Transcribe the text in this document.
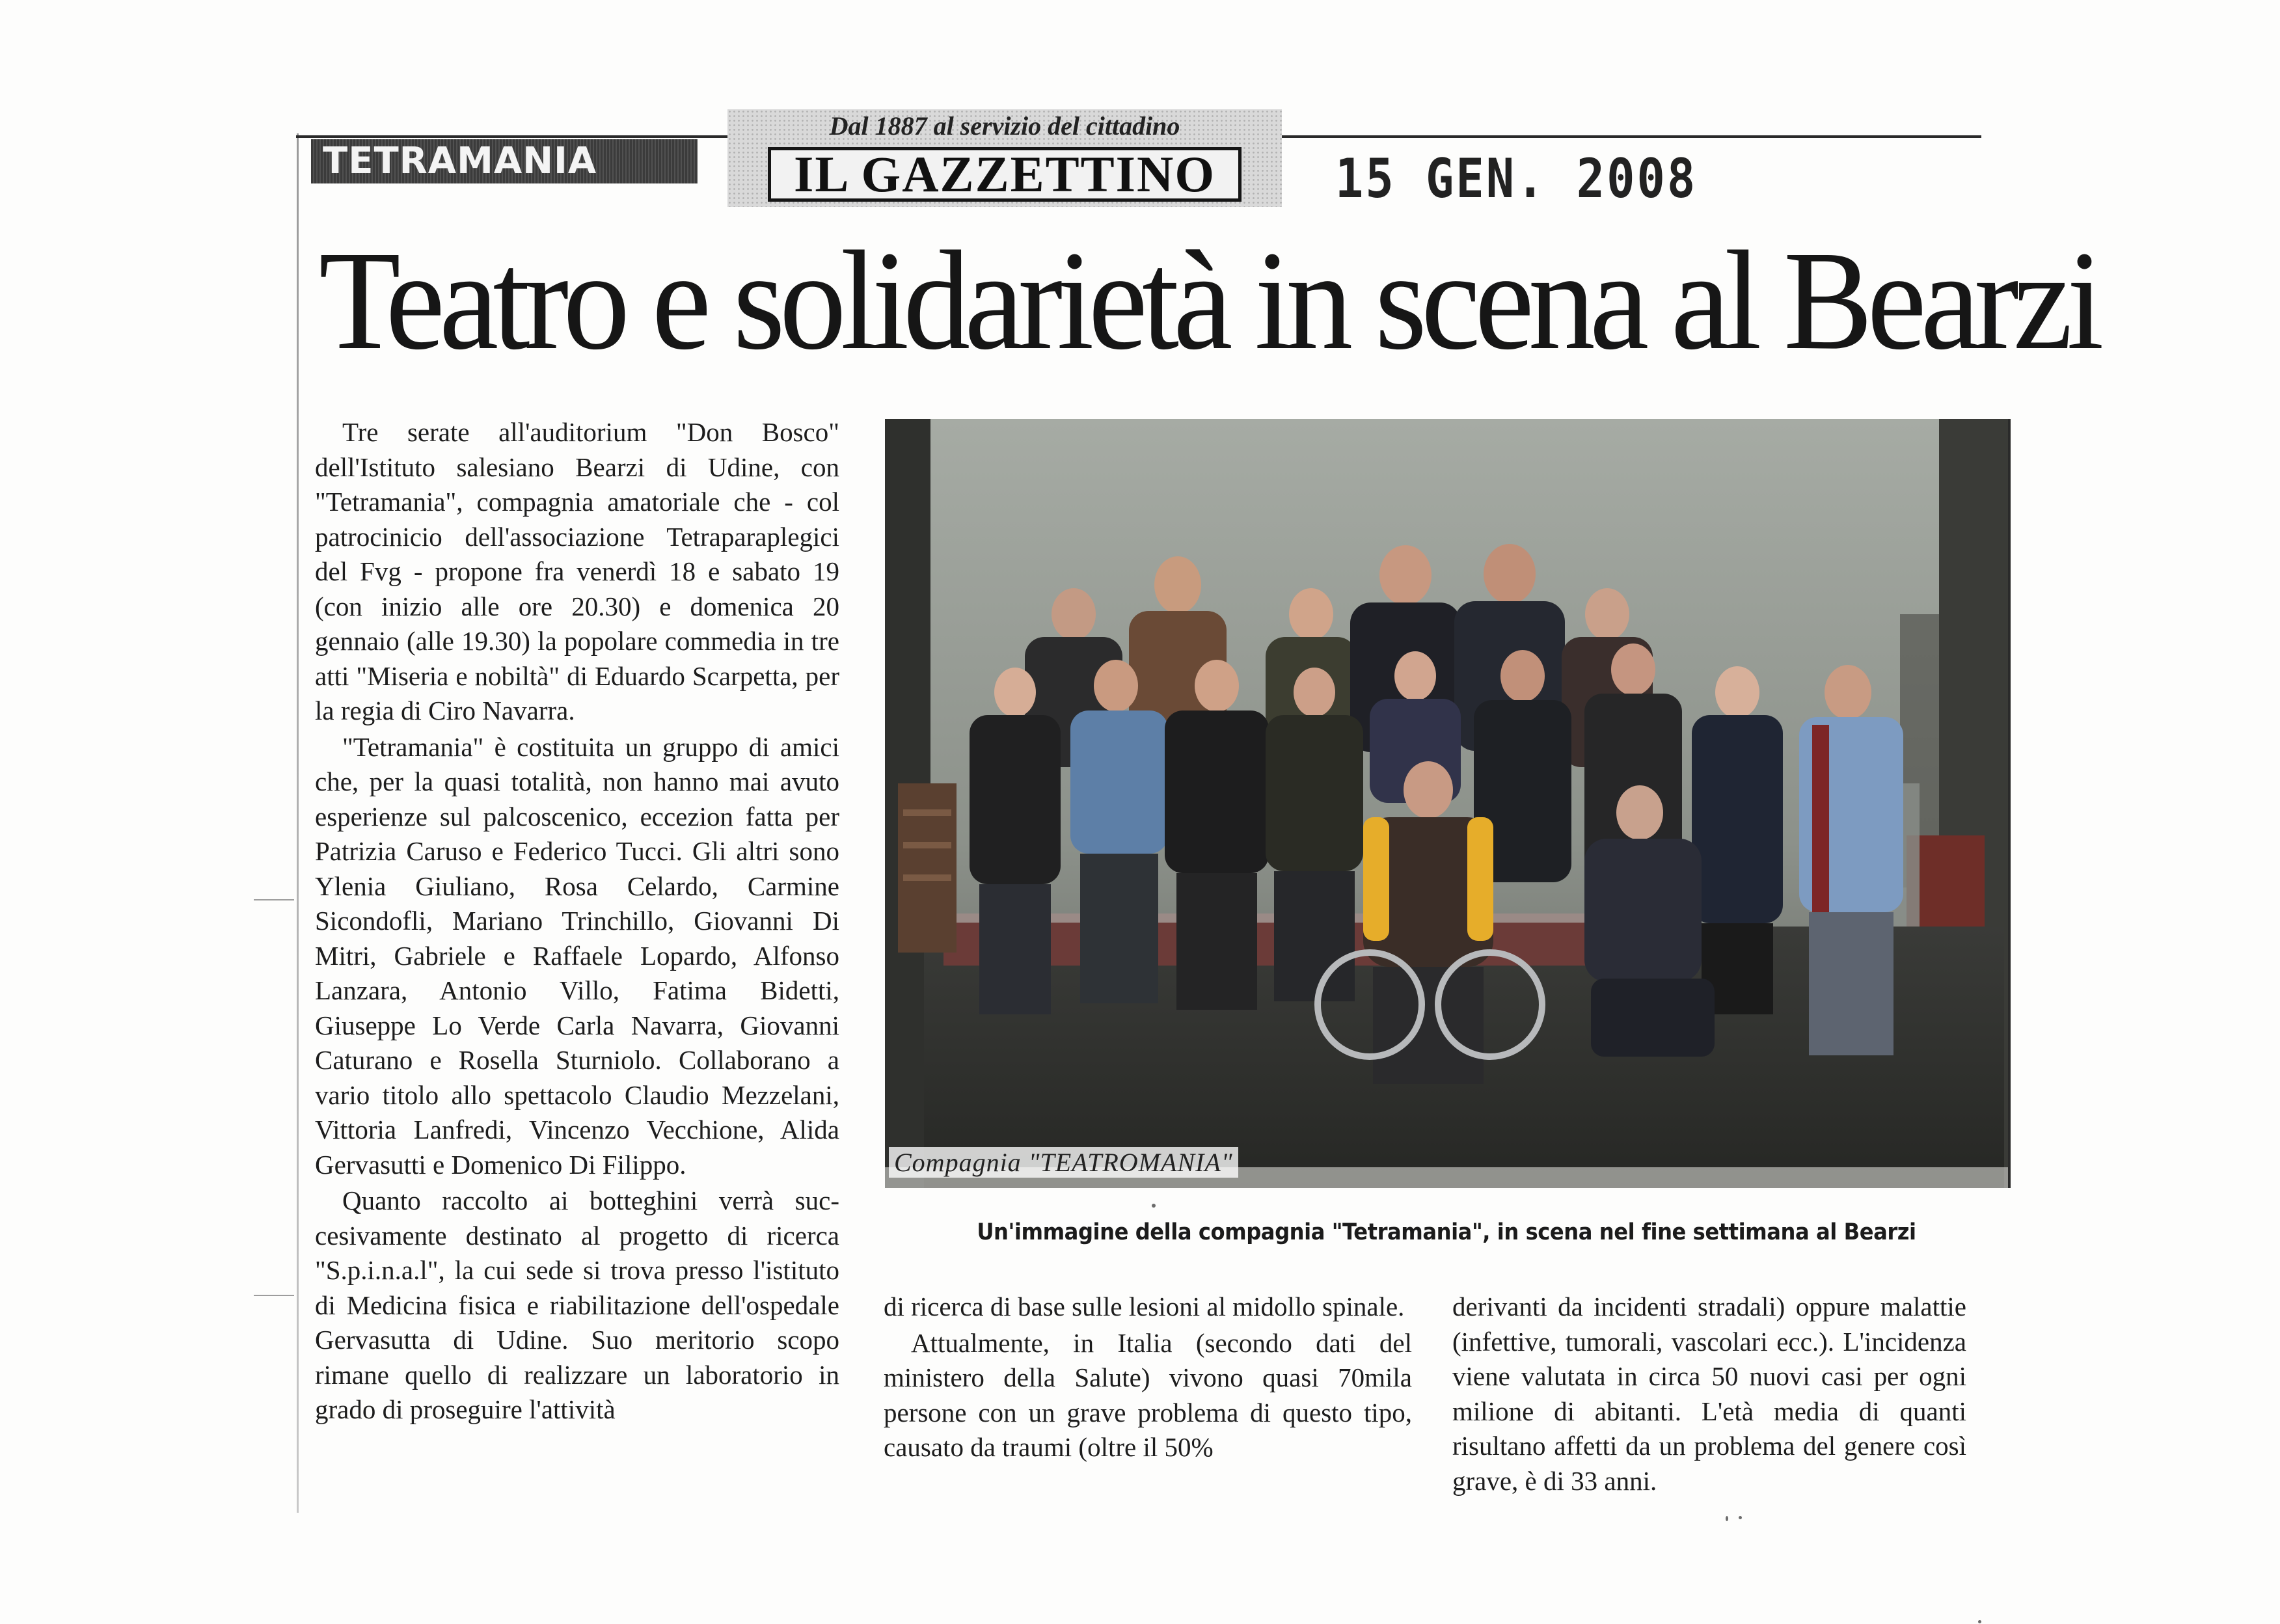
TETRAMANIA
Dal 1887 al servizio del cittadino
IL GAZZETTINO	15 GEN. 2008
Teatro e solidarietà in scena al Bearzi

Tre serate all'auditorium "Don Bosco" dell'Istituto salesiano Bearzi di Udine, con "Tetramania", compagnia amatoriale che - col patrocinicio dell'associazione Tetraparaplegici del Fvg - propone fra venerdì 18 e sabato 19 (con inizio alle ore 20.30) e domenica 20 gennaio (alle 19.30) la popolare commedia in tre atti "Miseria e nobiltà" di Eduardo Scarpetta, per la regia di Ciro Navarra.

"Tetramania" è costituita un gruppo di amici che, per la quasi totalità, non hanno mai avuto esperienze sul palcoscenico, eccezion fatta per Patrizia Caruso e Federico Tucci. Gli altri sono Ylenia Giuliano, Rosa Celardo, Carmine Sicondofli, Mariano Trinchillo, Giovanni Di Mitri, Gabriele e Raffaele Lopardo, Alfonso Lanzara, Antonio Villo, Fatima Bidetti, Giuseppe Lo Verde Carla Navarra, Giovanni Caturano e Rosella Sturniolo. Collaborano a vario titolo allo spettacolo Claudio Mezzelani, Vittoria Lanfredi, Vincenzo Vecchione, Alida Gervasutti e Domenico Di Filippo.

Quanto raccolto ai botteghini verrà succesivamente destinato al progetto di ricerca "S.p.i.n.a.l", la cui sede si trova presso l'istituto di Medicina fisica e riabilitazione dell'ospedale Gervasutta di Udine. Suo meritorio scopo rimane quello di realizzare un laboratorio in grado di proseguire l'attività

Compagnia "TEATROMANIA"
Un'immagine della compagnia "Tetramania", in scena nel fine settimana al Bearzi

di ricerca di base sulle lesioni al midollo spinale.

Attualmente, in Italia (secondo dati del ministero della Salute) vivono quasi 70mila persone con un grave problema di questo tipo, causato da traumi (oltre il 50%

derivanti da incidenti stradali) oppure malattie (infettive, tumorali, vascolari ecc.). L'incidenza viene valutata in circa 50 nuovi casi per ogni milione di abitanti. L'età media di quanti risultano affetti da un problema del genere così grave, è di 33 anni.
